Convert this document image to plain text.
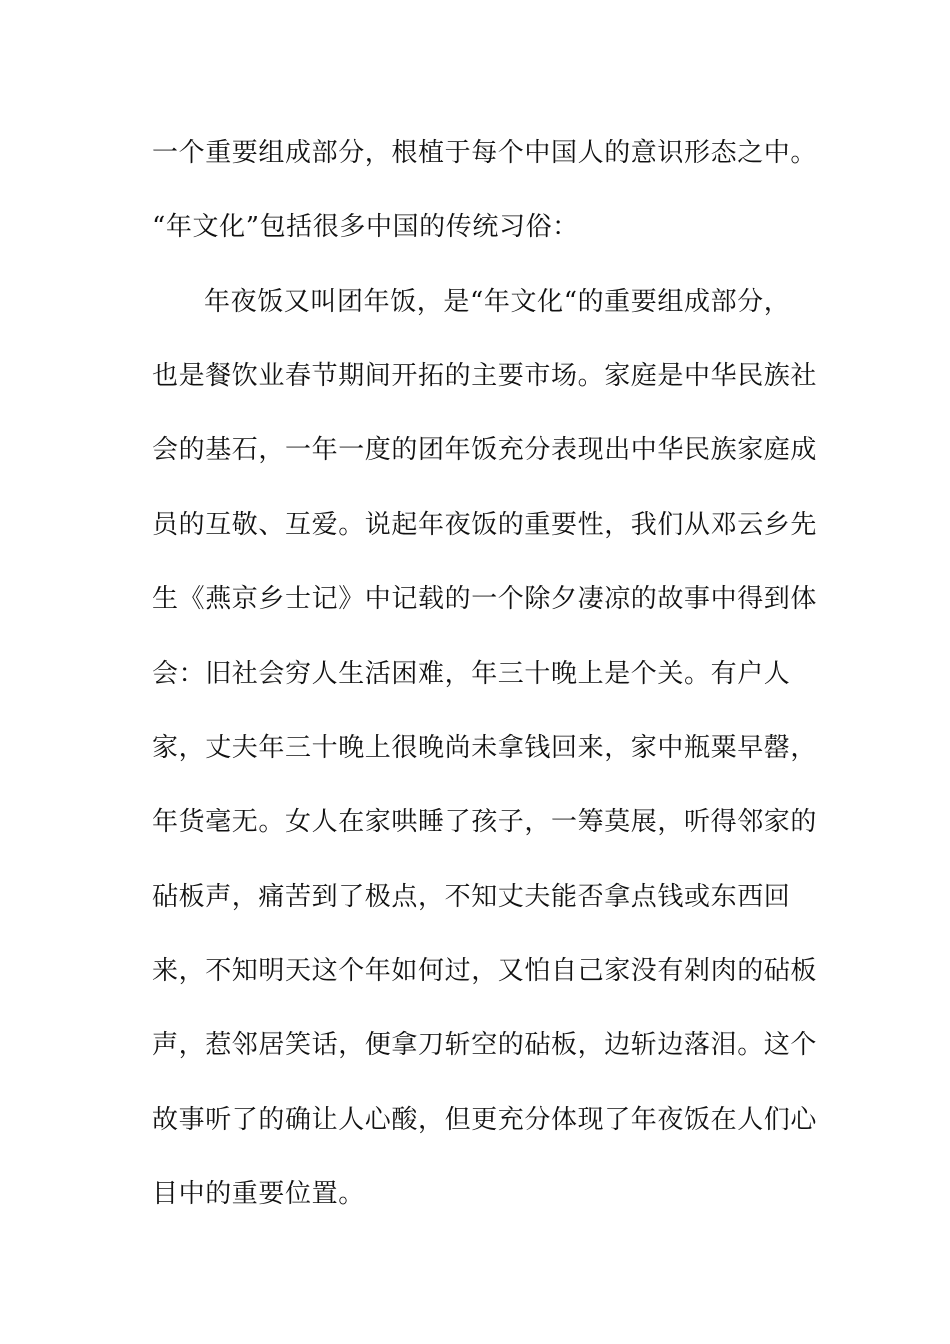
一个重要组成部分，根植于每个中国人的意识形态之中。
“年文化”包括很多中国的传统习俗：
年夜饭又叫团年饭，是“年文化“的重要组成部分，
也是餐饮业春节期间开拓的主要市场。家庭是中华民族社
会的基石，一年一度的团年饭充分表现出中华民族家庭成
员的互敬、互爱。说起年夜饭的重要性，我们从邓云乡先
生《燕京乡士记》中记载的一个除夕凄凉的故事中得到体
会：旧社会穷人生活困难，年三十晚上是个关。有户人
家，丈夫年三十晚上很晚尚未拿钱回来，家中瓶粟早罄，
年货毫无。女人在家哄睡了孩子，一筹莫展，听得邻家的
砧板声，痛苦到了极点，不知丈夫能否拿点钱或东西回
来，不知明天这个年如何过，又怕自己家没有剁肉的砧板
声，惹邻居笑话，便拿刀斩空的砧板，边斩边落泪。这个
故事听了的确让人心酸，但更充分体现了年夜饭在人们心
目中的重要位置。
